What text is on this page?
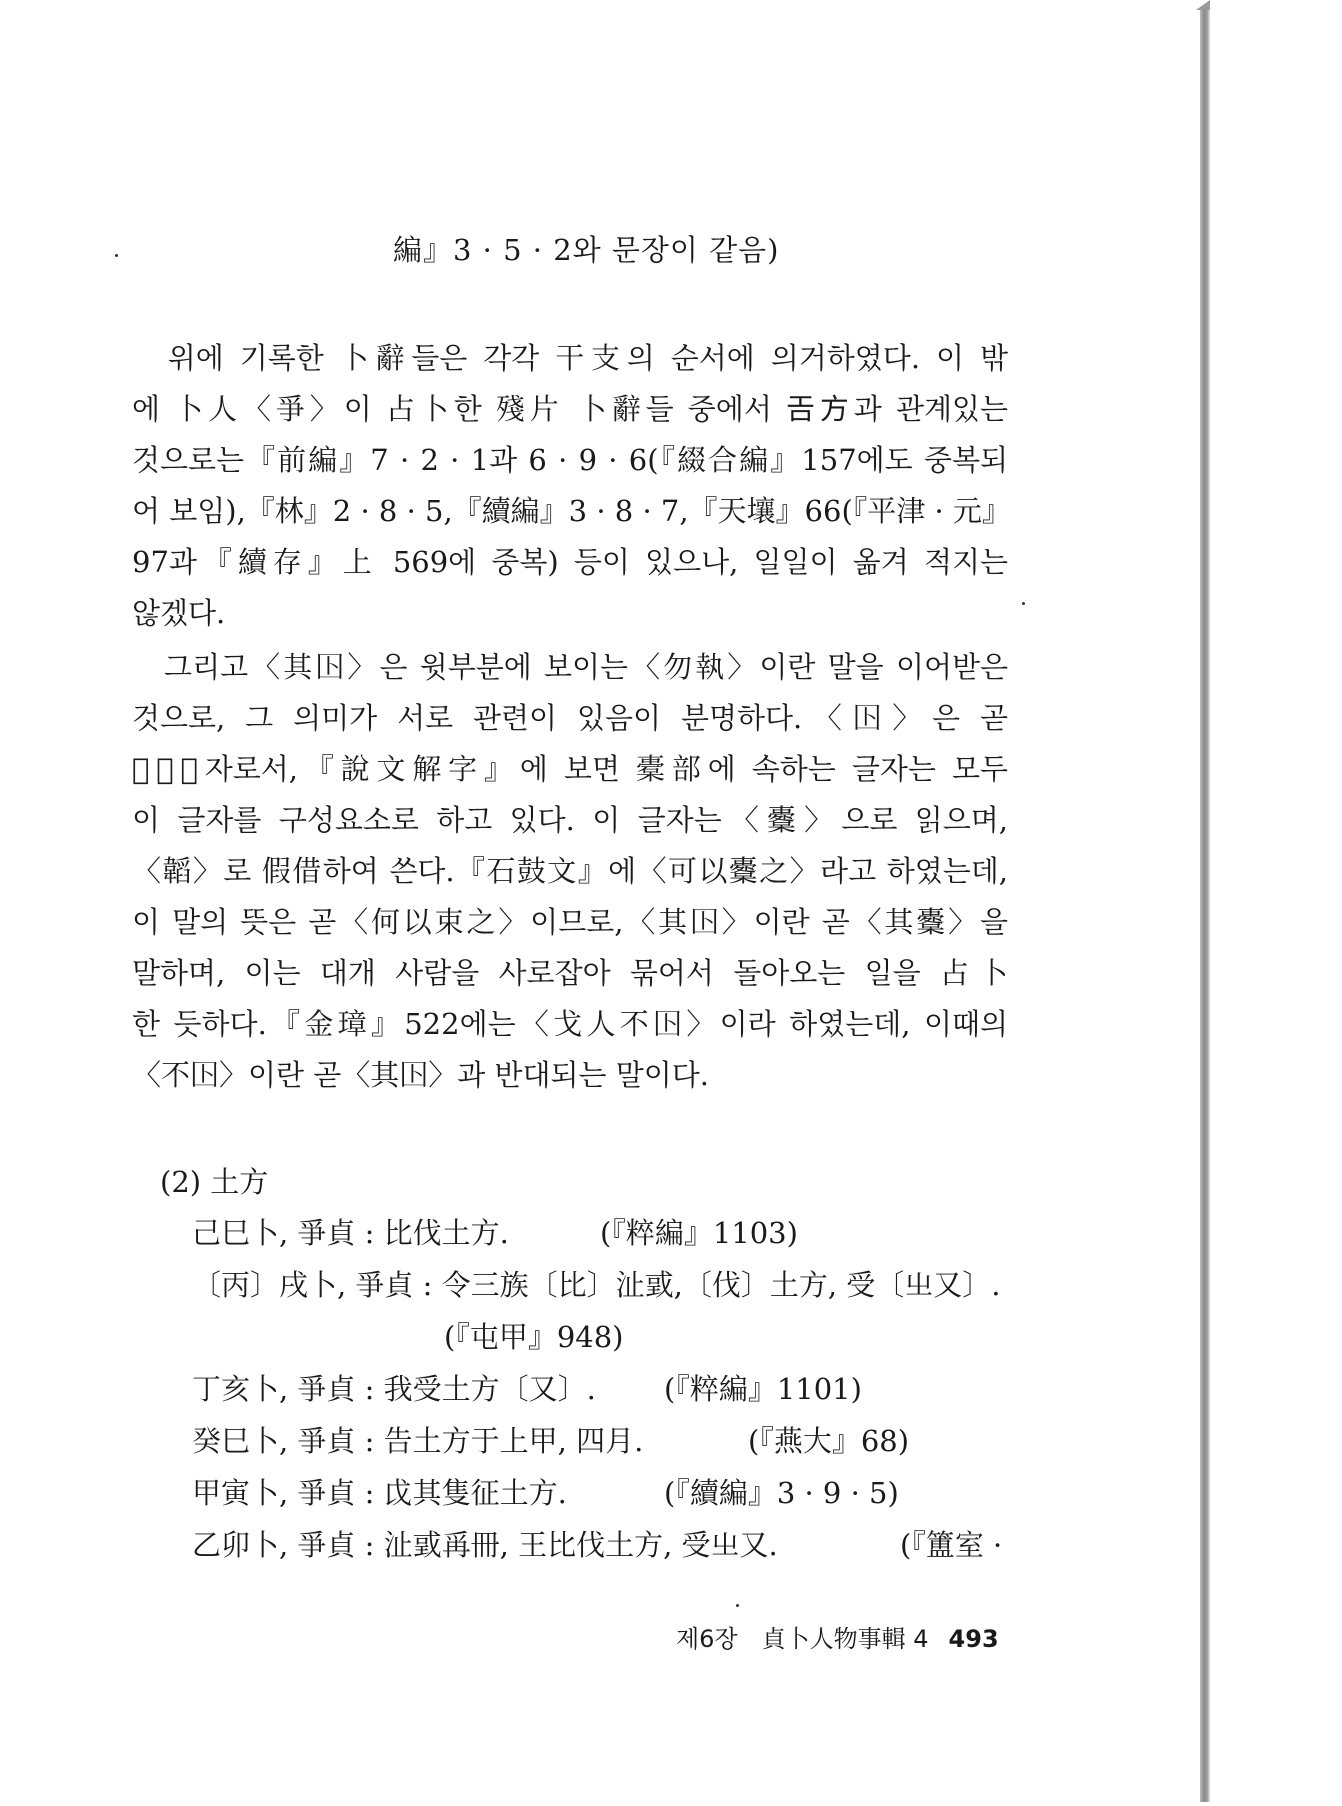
編』3 · 5 · 2와 문장이 같음)
　위에 기록한 卜辭들은 각각 干支의 순서에 의거하였다. 이 밖
에 卜人〈爭〉이 占卜한 殘片 卜辭들 중에서 𢀛方과 관계있는
것으로는『前編』7 · 2 · 1과 6 · 9 · 6(『綴合編』157에도 중복되
어 보임),『林』2 · 8 · 5,『續編』3 · 8 · 7,『天壤』66(『平津 · 元』
97과『續存』上 569에 중복) 등이 있으나, 일일이 옮겨 적지는
않겠다.
　그리고〈其𡆥〉은 윗부분에 보이는〈勿執〉이란 말을 이어받은
것으로, 그 의미가 서로 관련이 있음이 분명하다.〈𡆥〉은 곧
〈𣠮〉자로서,『說文解字』에 보면 橐部에 속하는 글자는 모두
이 글자를 구성요소로 하고 있다. 이 글자는〈櫜〉으로 읽으며,
〈韜〉로 假借하여 쓴다.『石鼓文』에〈可以櫜之〉라고 하였는데,
이 말의 뜻은 곧〈何以束之〉이므로,〈其𡆥〉이란 곧〈其櫜〉을
말하며, 이는 대개 사람을 사로잡아 묶어서 돌아오는 일을 占卜
한 듯하다.『金璋』522에는〈戈人不𡆥〉이라 하였는데, 이때의
〈不𡆥〉이란 곧〈其𡆥〉과 반대되는 말이다.
(2) 土方
己巳卜, 爭貞 : 比伐土方.	(『粹編』1103)
〔丙〕戌卜, 爭貞 : 令三族〔比〕沚戜,〔伐〕土方, 受〔㞢又〕.
(『屯甲』948)
丁亥卜, 爭貞 : 我受土方〔又〕. (『粹編』1101)
癸巳卜, 爭貞 : 告土方于上甲, 四月.	(『燕大』68)
甲寅卜, 爭貞 : 戉其隻征土方.	(『續編』3 · 9 · 5)
乙卯卜, 爭貞 : 沚戜爯冊, 王比伐土方, 受㞢又.	(『簠室 ·
제6장　貞卜人物事輯 4 493
